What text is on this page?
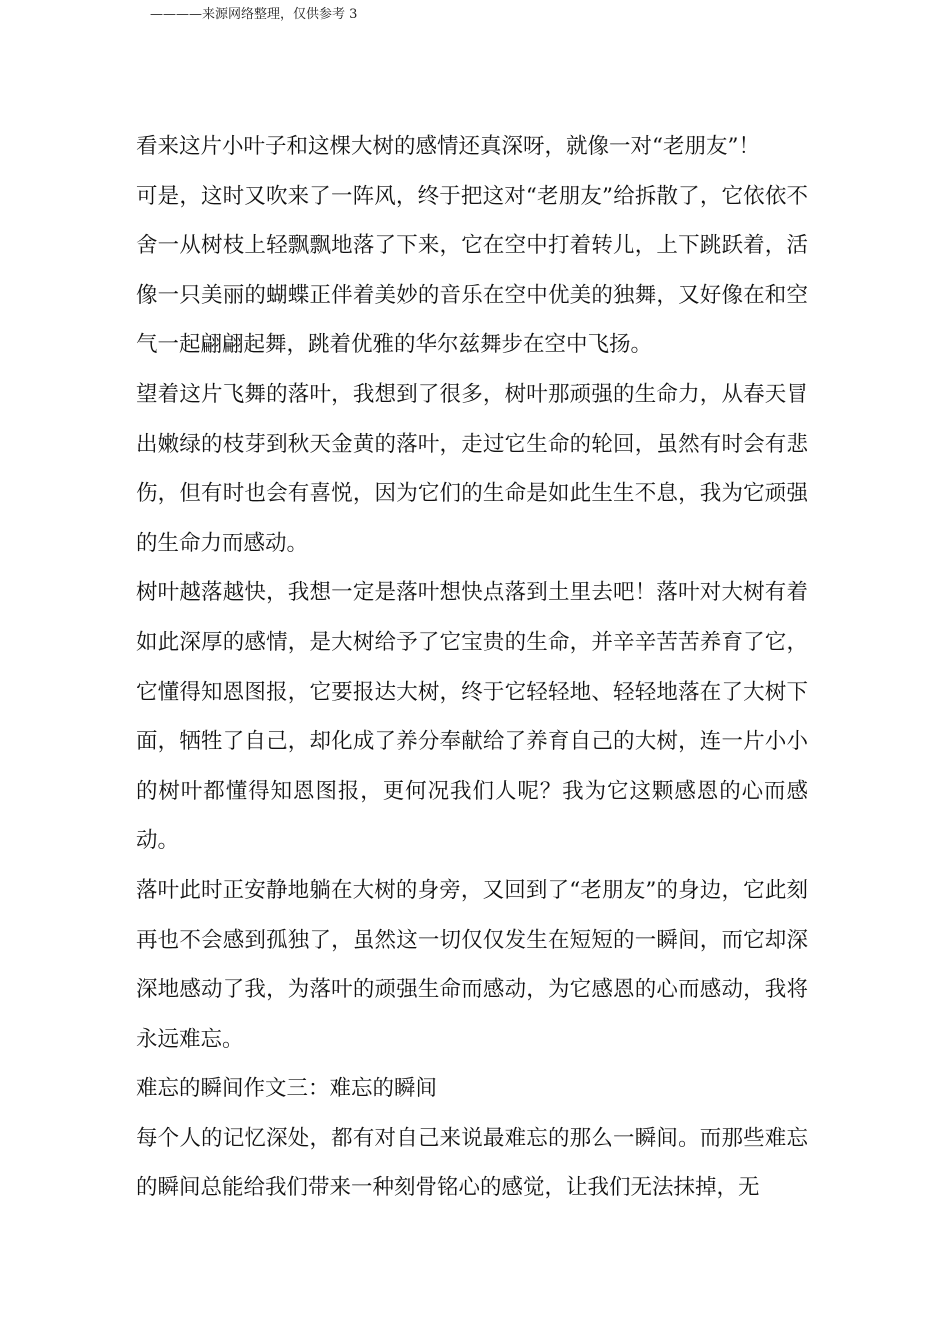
————来源网络整理，仅供参考 3

看来这片小叶子和这棵大树的感情还真深呀，就像一对“老朋友”！

可是，这时又吹来了一阵风，终于把这对“老朋友”给拆散了，它依依不舍一从树枝上轻飘飘地落了下来，它在空中打着转儿，上下跳跃着，活像一只美丽的蝴蝶正伴着美妙的音乐在空中优美的独舞，又好像在和空气一起翩翩起舞，跳着优雅的华尔兹舞步在空中飞扬。

望着这片飞舞的落叶，我想到了很多，树叶那顽强的生命力，从春天冒出嫩绿的枝芽到秋天金黄的落叶，走过它生命的轮回，虽然有时会有悲伤，但有时也会有喜悦，因为它们的生命是如此生生不息，我为它顽强的生命力而感动。

树叶越落越快，我想一定是落叶想快点落到土里去吧！落叶对大树有着如此深厚的感情，是大树给予了它宝贵的生命，并辛辛苦苦养育了它，它懂得知恩图报，它要报达大树，终于它轻轻地、轻轻地落在了大树下面，牺牲了自己，却化成了养分奉献给了养育自己的大树，连一片小小的树叶都懂得知恩图报，更何况我们人呢？我为它这颗感恩的心而感动。

落叶此时正安静地躺在大树的身旁，又回到了“老朋友”的身边，它此刻再也不会感到孤独了，虽然这一切仅仅发生在短短的一瞬间，而它却深深地感动了我，为落叶的顽强生命而感动，为它感恩的心而感动，我将永远难忘。

难忘的瞬间作文三：难忘的瞬间

每个人的记忆深处，都有对自己来说最难忘的那么一瞬间。而那些难忘的瞬间总能给我们带来一种刻骨铭心的感觉，让我们无法抹掉，无
